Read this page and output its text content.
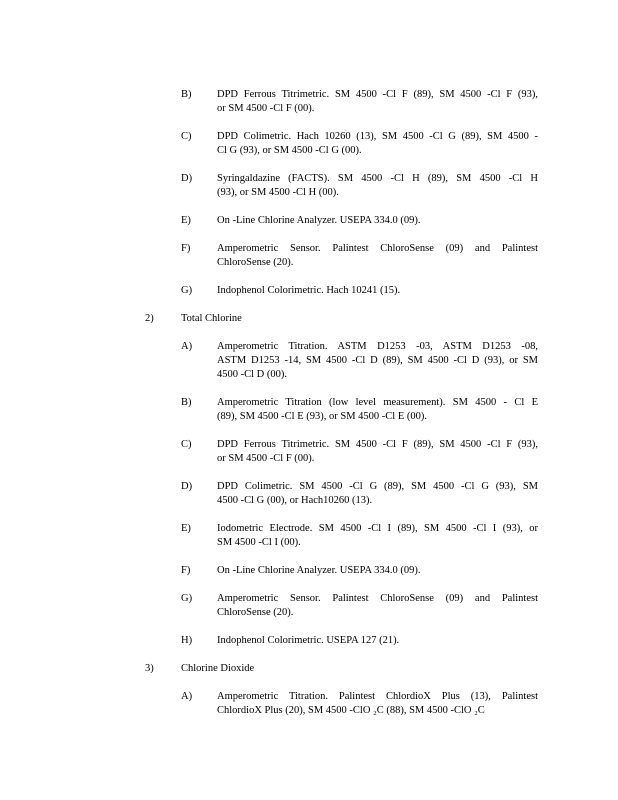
B) DPD Ferrous Titrimetric. SM 4500 -Cl F (89), SM 4500 -Cl F (93),
or SM 4500 -Cl F (00).
C) DPD Colimetric. Hach 10260 (13), SM 4500 -Cl G (89), SM 4500 -
Cl G (93), or SM 4500 -Cl G (00).
D) Syringaldazine (FACTS). SM 4500 -Cl H (89), SM 4500 -Cl H
(93), or SM 4500 -Cl H (00).
E) On -Line Chlorine Analyzer. USEPA 334.0 (09).
F)	Amperometric Sensor. Palintest ChloroSense (09) and Palintest
ChloroSense (20).
G) Indophenol Colorimetric. Hach 10241 (15).
2)	Total Chlorine
A) Amperometric Titration. ASTM D1253 -03, ASTM D1253 -08,
ASTM D1253 -14, SM 4500 -Cl D (89), SM 4500 -Cl D (93), or SM
4500 -Cl D (00).
B) Amperometric Titration (low level measurement). SM 4500 - Cl E
(89), SM 4500 -Cl E (93), or SM 4500 -Cl E (00).
C) DPD Ferrous Titrimetric. SM 4500 -Cl F (89), SM 4500 -Cl F (93),
or SM 4500 -Cl F (00).
D) DPD Colimetric. SM 4500 -Cl G (89), SM 4500 -Cl G (93), SM
4500 -Cl G (00), or Hach10260 (13).
E) Iodometric Electrode. SM 4500 -Cl I (89), SM 4500 -Cl I (93), or
SM 4500 -Cl I (00).
F)	On -Line Chlorine Analyzer. USEPA 334.0 (09).
G) Amperometric Sensor. Palintest ChloroSense (09) and Palintest
ChloroSense (20).
H) Indophenol Colorimetric. USEPA 127 (21).
3)	Chlorine Dioxide
A) Amperometric Titration. Palintest ChlordioX Plus (13), Palintest
ChlordioX Plus (20), SM 4500 -ClO ₂C (88), SM 4500 -ClO ₂C
